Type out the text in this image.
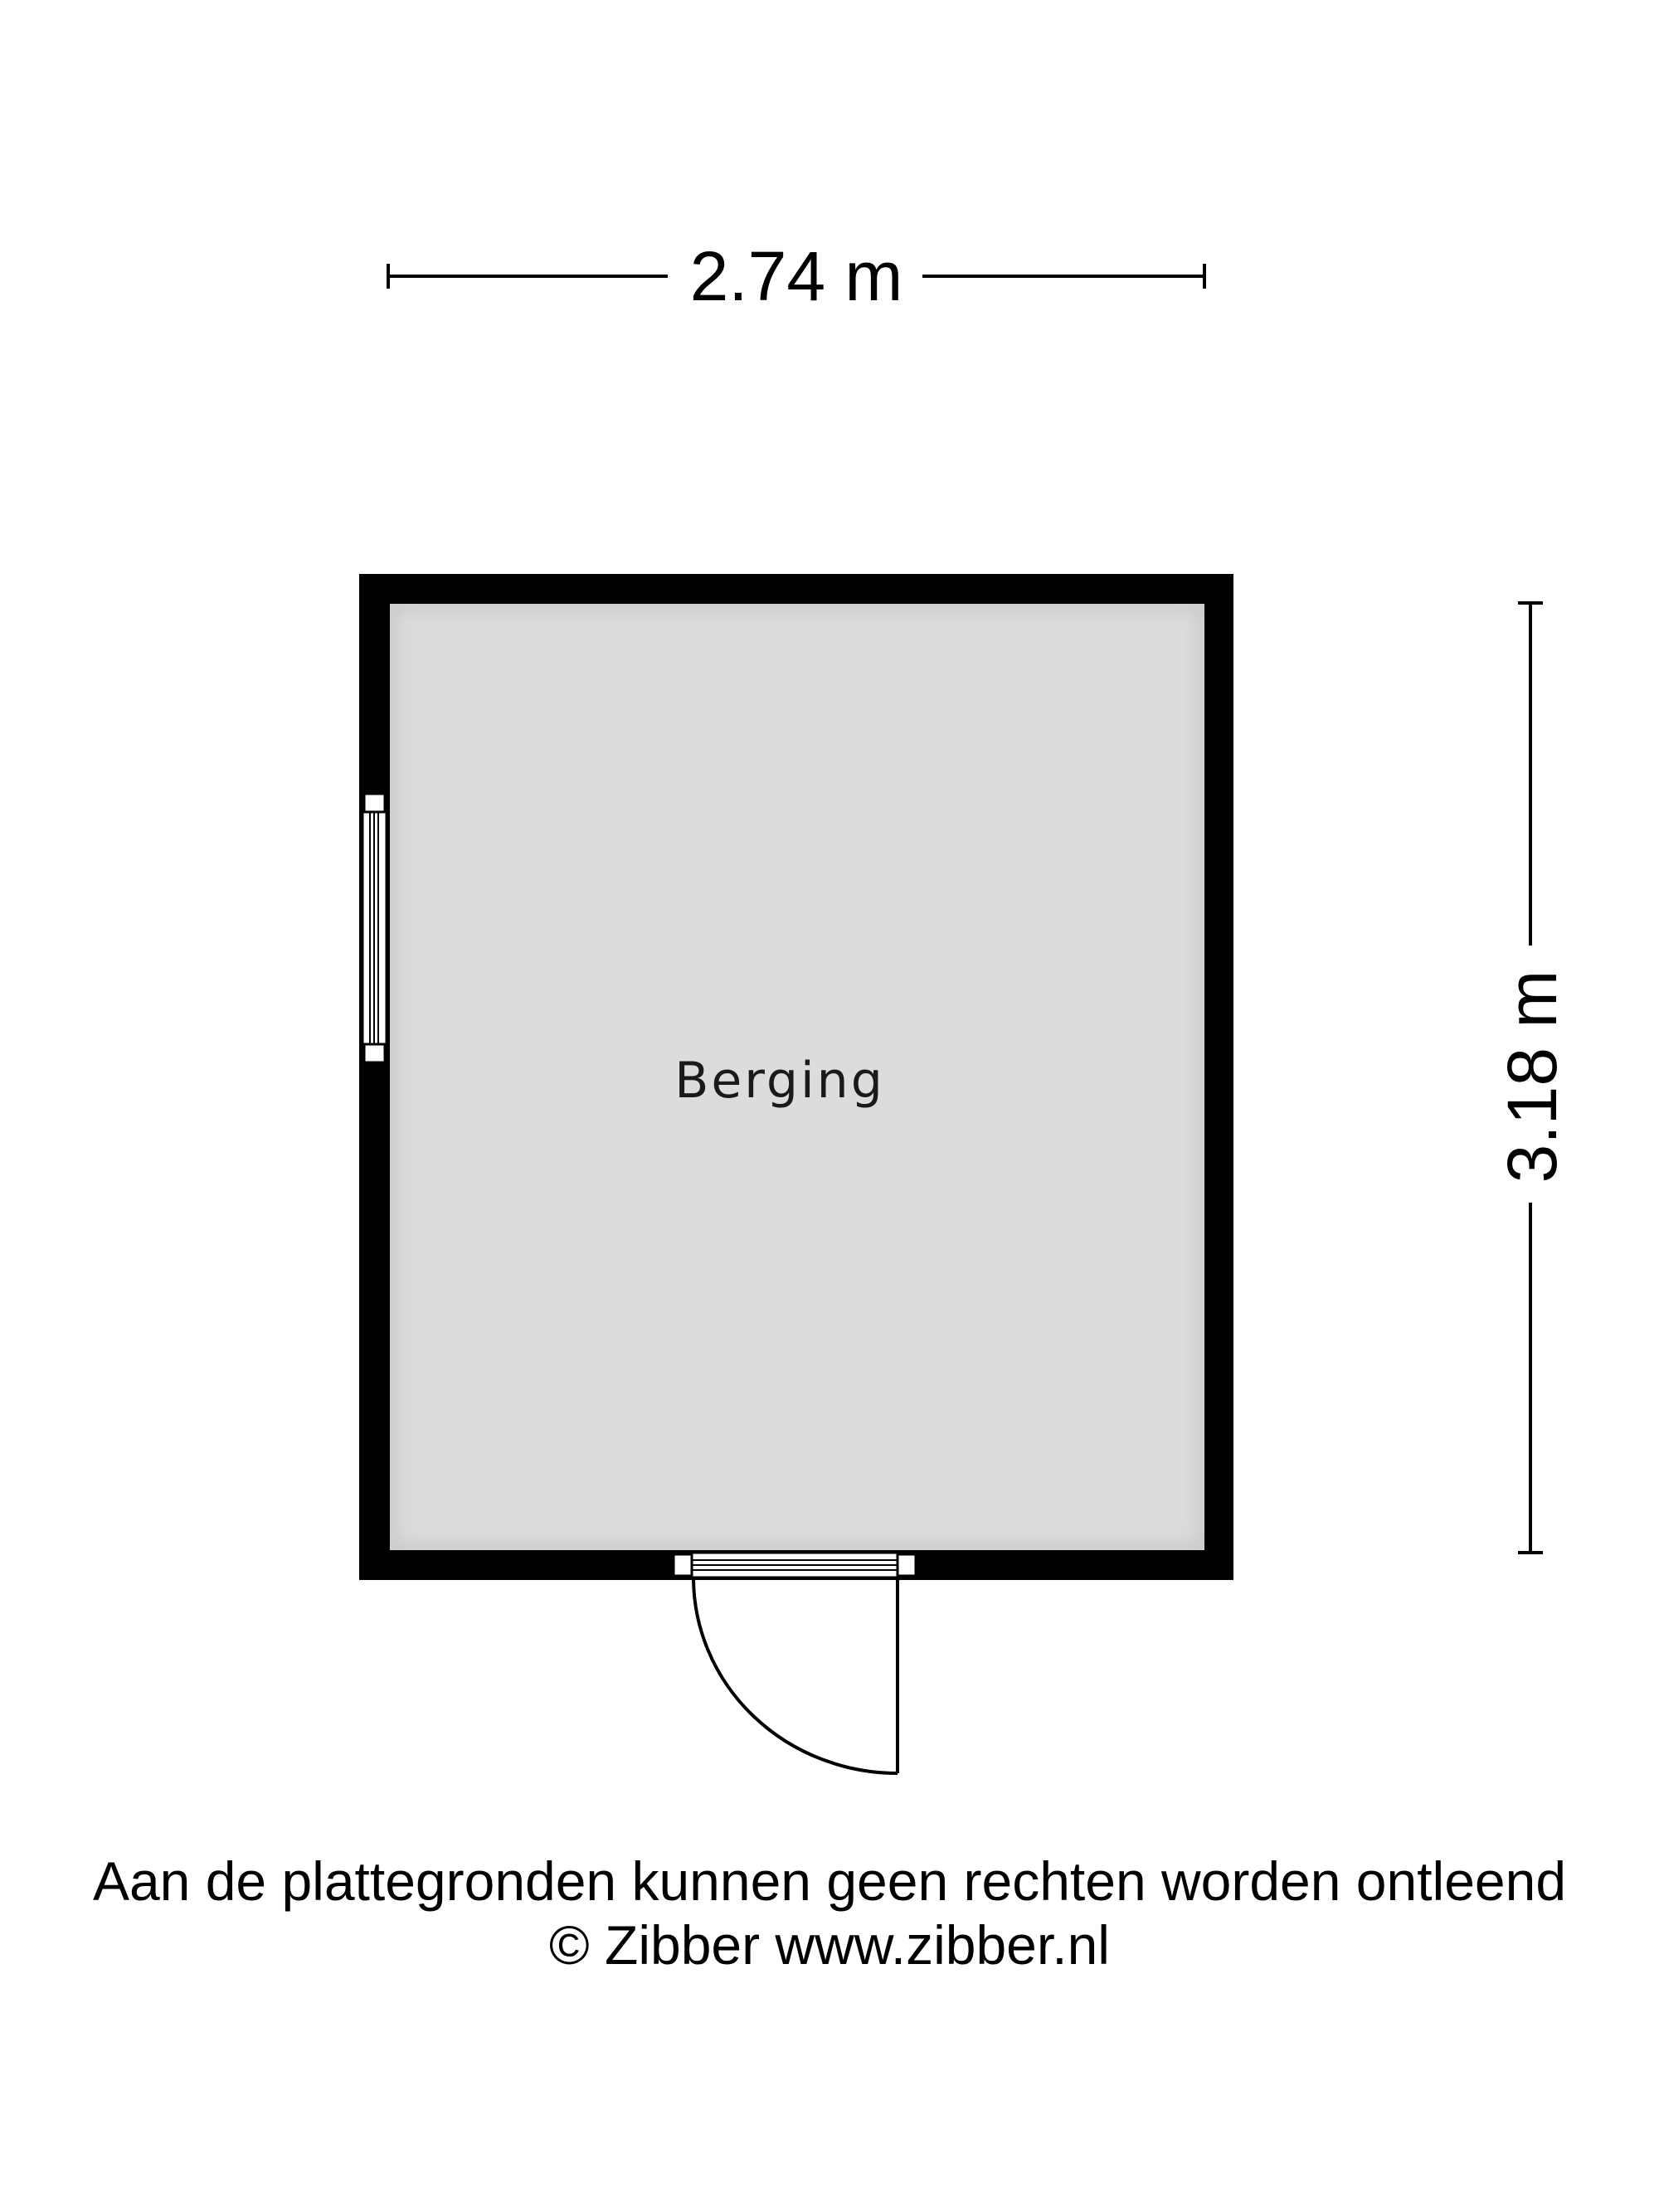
2.74 m
3.18 m
Berging
Aan de plattegronden kunnen geen rechten worden ontleend
© Zibber www.zibber.nl
